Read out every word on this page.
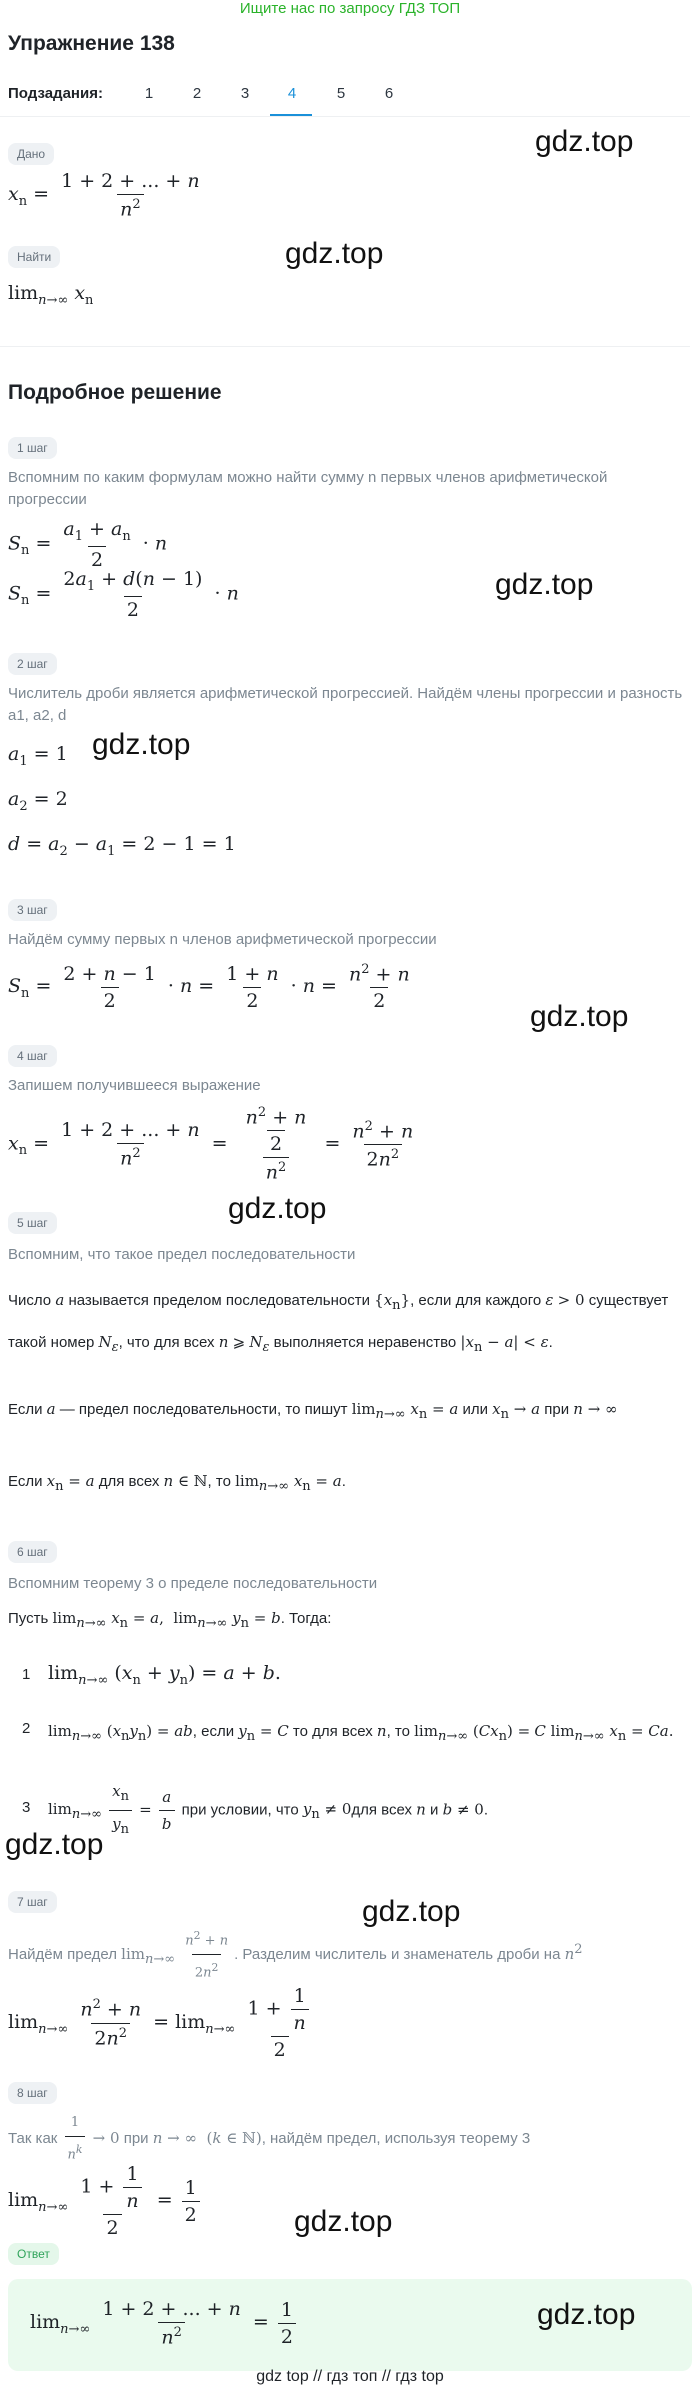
Ищите нас по запросу ГДЗ ТОП
Упражнение 138
Подзадания:	1	2	3	4	5	6
Дано
$x_n = \frac{1 + 2 + ... + n}{n^2}$
Найти
$\lim_{n\to\infty} x_n$
Подробное решение
1 шаг
Вспомним по каким формулам можно найти сумму n первых членов арифметической прогрессии
$S_n = \frac{a_1 + a_n}{2} \cdot n$
$S_n = \frac{2a_1 + d(n - 1)}{2} \cdot n$
2 шаг
Числитель дроби является арифметической прогрессией. Найдём члены прогрессии и разность a1, a2, d
$a_1 = 1$
$a_2 = 2$
$d = a_2 - a_1 = 2 - 1 = 1$
3 шаг
Найдём сумму первых n членов арифметической прогрессии
$S_n = \frac{2 + n - 1}{2} \cdot n = \frac{1 + n}{2} \cdot n = \frac{n^2 + n}{2}$
4 шаг
Запишем получившееся выражение
$x_n = \frac{1 + 2 + ... + n}{n^2} = \frac{\frac{n^2 + n}{2}}{n^2} = \frac{n^2 + n}{2n^2}$
5 шаг
Вспомним, что такое предел последовательности
Число a называется пределом последовательности $\{x_n\}$, если для каждого ε > 0 существует такой номер $N_\varepsilon$, что для всех n ⩾ $N_\varepsilon$ выполняется неравенство $|x_n - a| < \varepsilon$.
Если a — предел последовательности, то пишут $\lim_{n\to\infty} x_n = a$ или $x_n \to a$ при n → ∞
Если $x_n = a$ для всех n ∈ ℕ, то $\lim_{n\to\infty} x_n = a$.
6 шаг
Вспомним теорему 3 о пределе последовательности
Пусть $\lim_{n\to\infty} x_n = a$,  $\lim_{n\to\infty} y_n = b$. Тогда:
1 $\lim_{n\to\infty} (x_n + y_n) = a + b$.
2 $\lim_{n\to\infty} (x_ny_n)$ = ab, если $y_n = C$ то для всех n, то $\lim_{n\to\infty} (Cx_n) = C$ $\lim_{n\to\infty} x_n = Ca$.
3 $\lim_{n\to\infty} \frac{x_n}{y_n} = \frac{a}{b}$ при условии, что $y_n \ne 0для$ всех n и b ≠ 0.
7 шаг
Найдём предел $\lim_{n\to\infty} \frac{n^2 + n}{2n^2}$ . Разделим числитель и знаменатель дроби на $n^2$
$\lim_{n\to\infty} \frac{n^2 + n}{2n^2} = \lim_{n\to\infty} \frac{1 + \frac{1}{n}}{2}$
8 шаг
Так как $\frac{1}{n^k} \to 0$ при n → ∞  (k ∈ ℕ), найдём предел, используя теорему 3
$\lim_{n\to\infty} \frac{1 + \frac{1}{n}}{2} = \frac{1}{2}$
Ответ
$\lim_{n\to\infty} \frac{1 + 2 + ... + n}{n^2} = \frac{1}{2}$
gdz.top
gdz.top
gdz.top
gdz.top
gdz.top
gdz.top
gdz.top
gdz.top
gdz.top
gdz.top
gdz top // гдз топ // гдз top
